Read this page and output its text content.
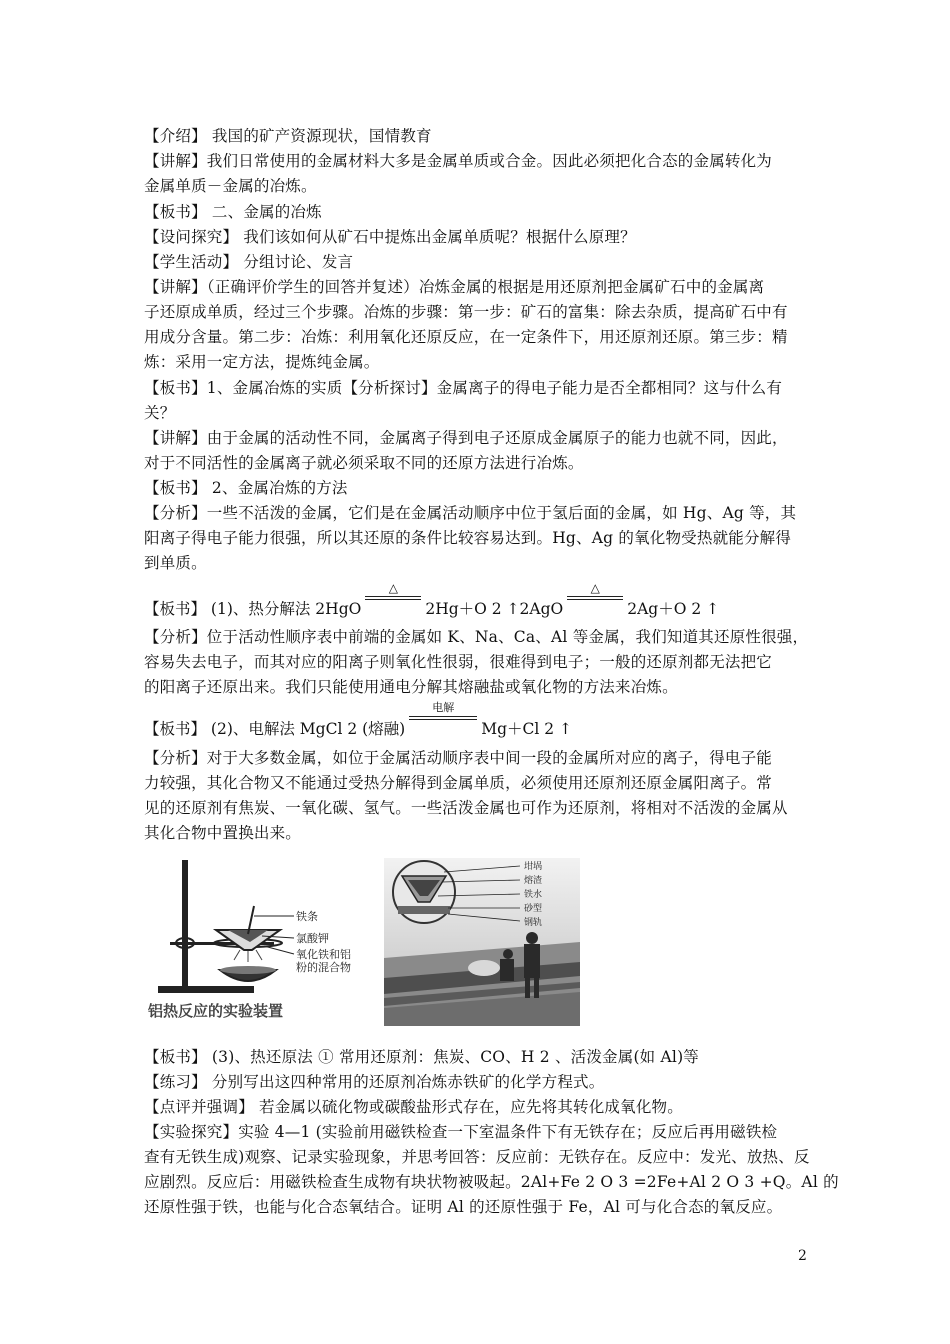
【介绍】 我国的矿产资源现状，国情教育
【讲解】我们日常使用的金属材料大多是金属单质或合金。因此必须把化合态的金属转化为
金属单质－金属的冶炼。
【板书】 二、金属的冶炼
【设问探究】 我们该如何从矿石中提炼出金属单质呢？根据什么原理？
【学生活动】 分组讨论、发言
【讲解】（正确评价学生的回答并复述）冶炼金属的根据是用还原剂把金属矿石中的金属离
子还原成单质，经过三个步骤。冶炼的步骤：第一步：矿石的富集：除去杂质，提高矿石中有
用成分含量。第二步：冶炼：利用氧化还原反应，在一定条件下，用还原剂还原。第三步：精
炼：采用一定方法，提炼纯金属。
【板书】1、金属冶炼的实质【分析探讨】金属离子的得电子能力是否全都相同？这与什么有
关？
【讲解】由于金属的活动性不同，金属离子得到电子还原成金属原子的能力也就不同，因此，
对于不同活性的金属离子就必须采取不同的还原方法进行冶炼。
【板书】 2、金属冶炼的方法
【分析】一些不活泼的金属，它们是在金属活动顺序中位于氢后面的金属，如 Hg、Ag 等，其
阳离子得电子能力很强，所以其还原的条件比较容易达到。Hg、Ag 的氧化物受热就能分解得
到单质。
【板书】 (1)、热分解法 2HgO
△
2Hg＋O 2 ↑2AgO
△
2Ag＋O 2 ↑
【分析】位于活动性顺序表中前端的金属如 K、Na、Ca、Al 等金属，我们知道其还原性很强，
容易失去电子，而其对应的阳离子则氧化性很弱，很难得到电子；一般的还原剂都无法把它
的阳离子还原出来。我们只能使用通电分解其熔融盐或氧化物的方法来冶炼。
【板书】 (2)、电解法 MgCl 2 (熔融)
电解
Mg＋Cl 2 ↑
【分析】对于大多数金属，如位于金属活动顺序表中间一段的金属所对应的离子，得电子能
力较强，其化合物又不能通过受热分解得到金属单质，必须使用还原剂还原金属阳离子。常
见的还原剂有焦炭、一氧化碳、氢气。一些活泼金属也可作为还原剂，将相对不活泼的金属从
其化合物中置换出来。
铁条
氯酸钾
氧化铁和铝
粉的混合物
铝热反应的实验装置
坩埚
熔渣
铁水
砂型
钢轨
【板书】 (3)、热还原法 ① 常用还原剂：焦炭、CO、H 2 、活泼金属(如 Al)等
【练习】 分别写出这四种常用的还原剂冶炼赤铁矿的化学方程式。
【点评并强调】 若金属以硫化物或碳酸盐形式存在，应先将其转化成氧化物。
【实验探究】实验 4—1 (实验前用磁铁检查一下室温条件下有无铁存在；反应后再用磁铁检
查有无铁生成)观察、记录实验现象，并思考回答：反应前：无铁存在。反应中：发光、放热、反
应剧烈。反应后：用磁铁检查生成物有块状物被吸起。2Al+Fe 2 O 3 =2Fe+Al 2 O 3 +Q。Al 的
还原性强于铁，也能与化合态氧结合。证明 Al 的还原性强于 Fe，Al 可与化合态的氧反应。
2
